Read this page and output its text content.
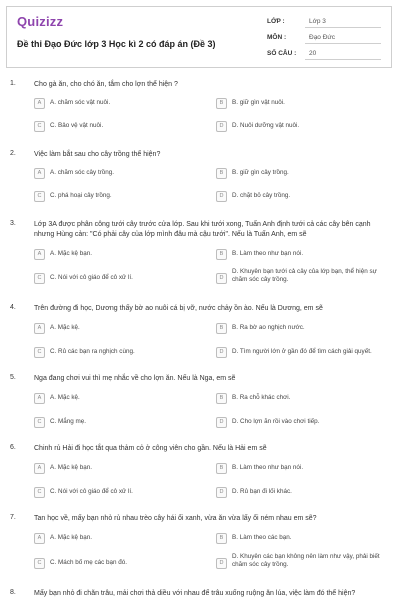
Quizizz
Đề thi Đạo Đức lớp 3 Học kì 2 có đáp án (Đề 3)
LỚP :	Lớp 3
MÔN :	Đạo Đức
SỐ CÂU :	20
1.	Cho gà ăn, cho chó ăn, tắm cho lợn thể hiện ?
A	A. chăm sóc vật nuôi.	B	B. giữ gìn vật nuôi.
C	C. Bảo vệ vật nuôi.	D	D. Nuôi dưỡng vật nuôi.
2.	Việc làm bắt sau cho cây trồng thể hiện?
A	A. chăm sóc cây trồng.	B	B. giữ gìn cây trồng.
C	C. phá hoại cây trồng.	D	D. chặt bỏ cây trồng.
3.	Lớp 3A được phân công tưới cây trước cửa lớp. Sau khi tưới xong, Tuấn Anh định tưới cả các cây bên cạnh nhưng Hùng cản: "Có phải cây của lớp mình đâu mà cậu tưới". Nếu là Tuấn Anh, em sẽ
A	A. Mặc kệ bạn.	B	B. Làm theo như bạn nói.
C	C. Nói với cô giáo để cô xử lí.	D
D. Khuyên bạn tưới cả cây của lớp bạn, thể hiện sự chăm sóc cây trồng.
4.	Trên đường đi học, Dương thấy bờ ao nuôi cá bị vỡ, nước chảy ồn ào. Nếu là Dương, em sẽ
A	A. Mặc kệ.	B	B. Ra bờ ao nghịch nước.
C	C. Rủ các bạn ra nghịch cùng.	D	D. Tìm người lớn ở gần đó để tìm cách giải quyết.
5.	Nga đang chơi vui thì mẹ nhắc về cho lợn ăn. Nếu là Nga, em sẽ
A	A. Mặc kệ.	B	B. Ra chỗ khác chơi.
C	C. Mắng mẹ.	D	D. Cho lợn ăn rồi vào chơi tiếp.
6.	Chinh rủ Hải đi học tắt qua thảm cỏ ở công viên cho gần. Nếu là Hải em sẽ
A	A. Mặc kệ bạn.	B	B. Làm theo như bạn nói.
C	C. Nói với cô giáo để cô xử lí.	D	D. Rủ bạn đi lối khác.
7.	Tan học về, mấy bạn nhỏ rủ nhau trèo cây hái ổi xanh, vừa ăn vừa lấy ổi ném nhau em sẽ?
A	A. Mặc kệ bạn.	B	B. Làm theo các bạn.
C	C. Mách bố mẹ các bạn đó.	D
D. Khuyên các bạn không nên làm như vậy, phải biết chăm sóc cây trồng.
8.	Mấy bạn nhỏ đi chăn trâu, mải chơi thả diều với nhau để trâu xuống ruộng ăn lúa, việc làm đó thể hiện?
